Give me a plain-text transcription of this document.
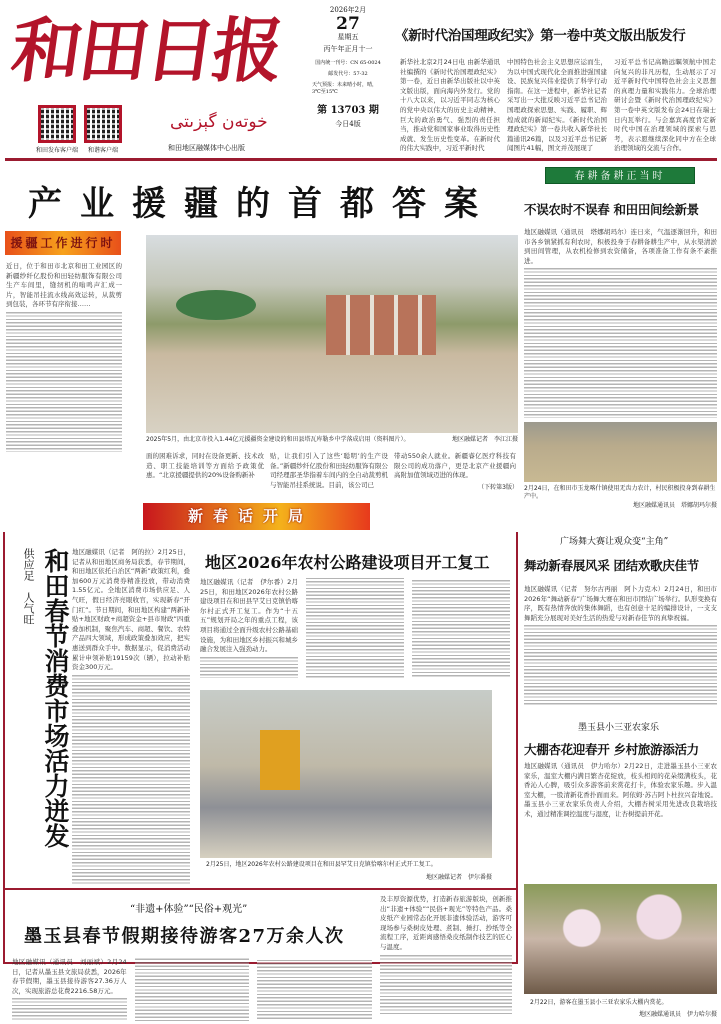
和田日报
和田发布客户端	和谐客户端
خوتەن گېزىتى
和田地区融媒体中心出版
2026年2月
27
星期五
丙午年正月十一
国内统一刊号：CN 65-0024
邮发代号：57-32
天气预报：未来晴小时，晴，3℃至15℃
第 13703 期
今日4版
《新时代治国理政纪实》第一卷中英文版出版发行
新华社北京2月24日电 由新华通讯社编撰的《新时代治国理政纪实》第一卷，近日由新华出版社以中英文版出版，面向海内外发行。党的十八大以来，以习近平同志为核心的党中央以伟大的历史主动精神、巨大的政治勇气、强烈的责任担当，推动党和国家事业取得历史性成就、发生历史性变革。在新时代的伟大实践中，习近平新时代
中国特色社会主义思想应运而生，为以中国式现代化全面推进强国建设、民族复兴伟业提供了科学行动指南。在这一进程中，新华社记者采写出一大批反映习近平总书记治国理政探索思想、实践、履职、辉煌成就的新闻纪实。《新时代治国理政纪实》第一卷共收入新华社长篇通讯26篇，以及习近平总书记新闻图片41幅，图文并茂展现了
习近平总书记高瞻远瞩领航中国走向复兴的非凡历程，生动展示了习近平新时代中国特色社会主义思想的真理力量和实践伟力。全球治理研讨会暨《新时代治国理政纪实》第一卷中英文版发布会24日在瑞士日内瓦举行。与会嘉宾高度肯定新时代中国在治理领域的探索与思考，表示愿继续深化同中方在全球治理领域的交流与合作。
产业援疆的首都答案
援疆工作进行时
近日，位于和田市北京和田工业园区的新疆纱纤亿股份和田轻纺服饰有限公司生产车间里，缝纫机的嗡鸣声汇成一片，智能吊挂流水线高效运转，从裁剪到包装，各环节有序衔接……
2025年5月，由北京市投入1.44亿元援疆资金建设的和田县塔瓦库勒乡中学落成启用（资料图片）。	地区融媒记者　李江江摄
面的困难诉求，同时在设备更新、技术改造、职工技能培训等方面给予政策优惠。“北京援疆提供的20%设备购新补
贴，让我们引入了这些‘聪明’的生产设备。”新疆纱纤亿股份和田轻纺服饰有限公司经理邵圣华指着车间内的全自动裁剪机与智能吊挂系统说。目前，该公司已
带动550余人就业。新疆睿亿医疗科技有限公司的成功落户，更是北京产业援疆向高附加值领域迈进的体现。
（下转第3版）
春耕备耕正当时
不误农时不误春 和田田间绘新景
地区融媒讯（通讯员　塔娜胡玛尔）连日来，气温逐渐回升，和田市各乡镇紧抓有利农时，积极投身于春耕备耕生产中，从水渠清淤到田间管理，从农机检修到农资储备，各项准备工作有条不紊推进。
2月24日，在和田市玉龙喀什镇使用无齿力农计，村民积极投身到春耕生产中。
地区融媒通讯员　塔娜胡玛尔摄
广场舞大赛让观众变“主角”
舞动新春展风采 团结欢歌庆佳节
地区融媒讯（记者　努尔古再丽　阿卜力克木）2月24日，和田市2026年“舞动新春”广场舞大赛在和田市团结广场举行。队形变换有序，既有热情奔放的集体舞蹈，也有创意十足的编排设计，一支支舞蹈充分展现对美好生活的热爱与对新春佳节的真挚祝福。
墨玉县小三亚农家乐
大棚杏花迎春开 乡村旅游添活力
地区融媒讯（通讯员　伊力哈尔）2月22日，走进墨玉县小三亚农家乐，温室大棚内满目繁杏花绽放，枝头相间的花朵缀满枝头，花香沁人心脾，吸引众多游客前来赏花打卡，体验农家乐趣。步入温室大棚，一股清新花香扑面而来。阿依姆·苏吉阿卜杜拉兴奋地说。墨玉县小三亚农家乐负责人介绍，大棚杏树采用先进改良栽培技术，通过精准调控温度与湿度，让杏树提前开花。
2月22日，游客在墨玉县小三亚农家乐大棚内赏花。
地区融媒通讯员　伊力哈尔摄
新春话开局
供应足　人气旺 和田春节消费市场活力迸发 地区融媒讯（记者　阿的拉）2月25日，记者从和田地区商务局获悉，春节期间，和田地区依托自治区“两新”政策红利，叠加600万元消费券精准投放，带动消费1.55亿元。全地区消费市场供应足、人气旺，假日经济亮眼收官，实现新春“开门红”。节日期间，和田地区构建“两新补贴+地区财政+商超资金+县市财政”四重叠加机制，聚焦汽车、商超、餐饮、农特产品四大领域，形成政策叠加效应，把实惠送到群众手中。数据显示，促消费活动累计申领补贴19159次（辆），拉动补贴资金300万元。
地区2026年农村公路建设项目开工复工
地区融媒讯（记者　伊尔番）2月25日，和田地区2026年农村公路建设项目在和田县罕艾日克镇恰喀尔村正式开工复工。作为“十五五”规划开局之年的重点工程，该项目将通过全面升级农村公路基础设施，为和田地区乡村振兴和城乡融合发展注入强劲动力。
2月25日，地区2026年农村公路建设项目在和田县罕艾日克镇恰喀尔村正式开工复工。
地区融媒记者　伊尔番摄
“非遗+体验”“民俗+观光”
墨玉县春节假期接待游客27万余人次
地区融媒讯（通讯员　刘丽斌）2月24日，记者从墨玉县文旅局获悉，2026年春节假期，墨玉县接待游客27.36万人次，实现旅游总花费2216.58万元。
及丰厚资源优势，打造新春旅游版块，创新推出“非遗+体验”“民俗+观光”等特色产品。桑皮纸产业园常态化开展非遗体验活动，游客可现场参与桑树皮处理、煮制、捶打、抄纸等全流程工序，近距离感悟桑皮纸制作技艺的匠心与温度。
